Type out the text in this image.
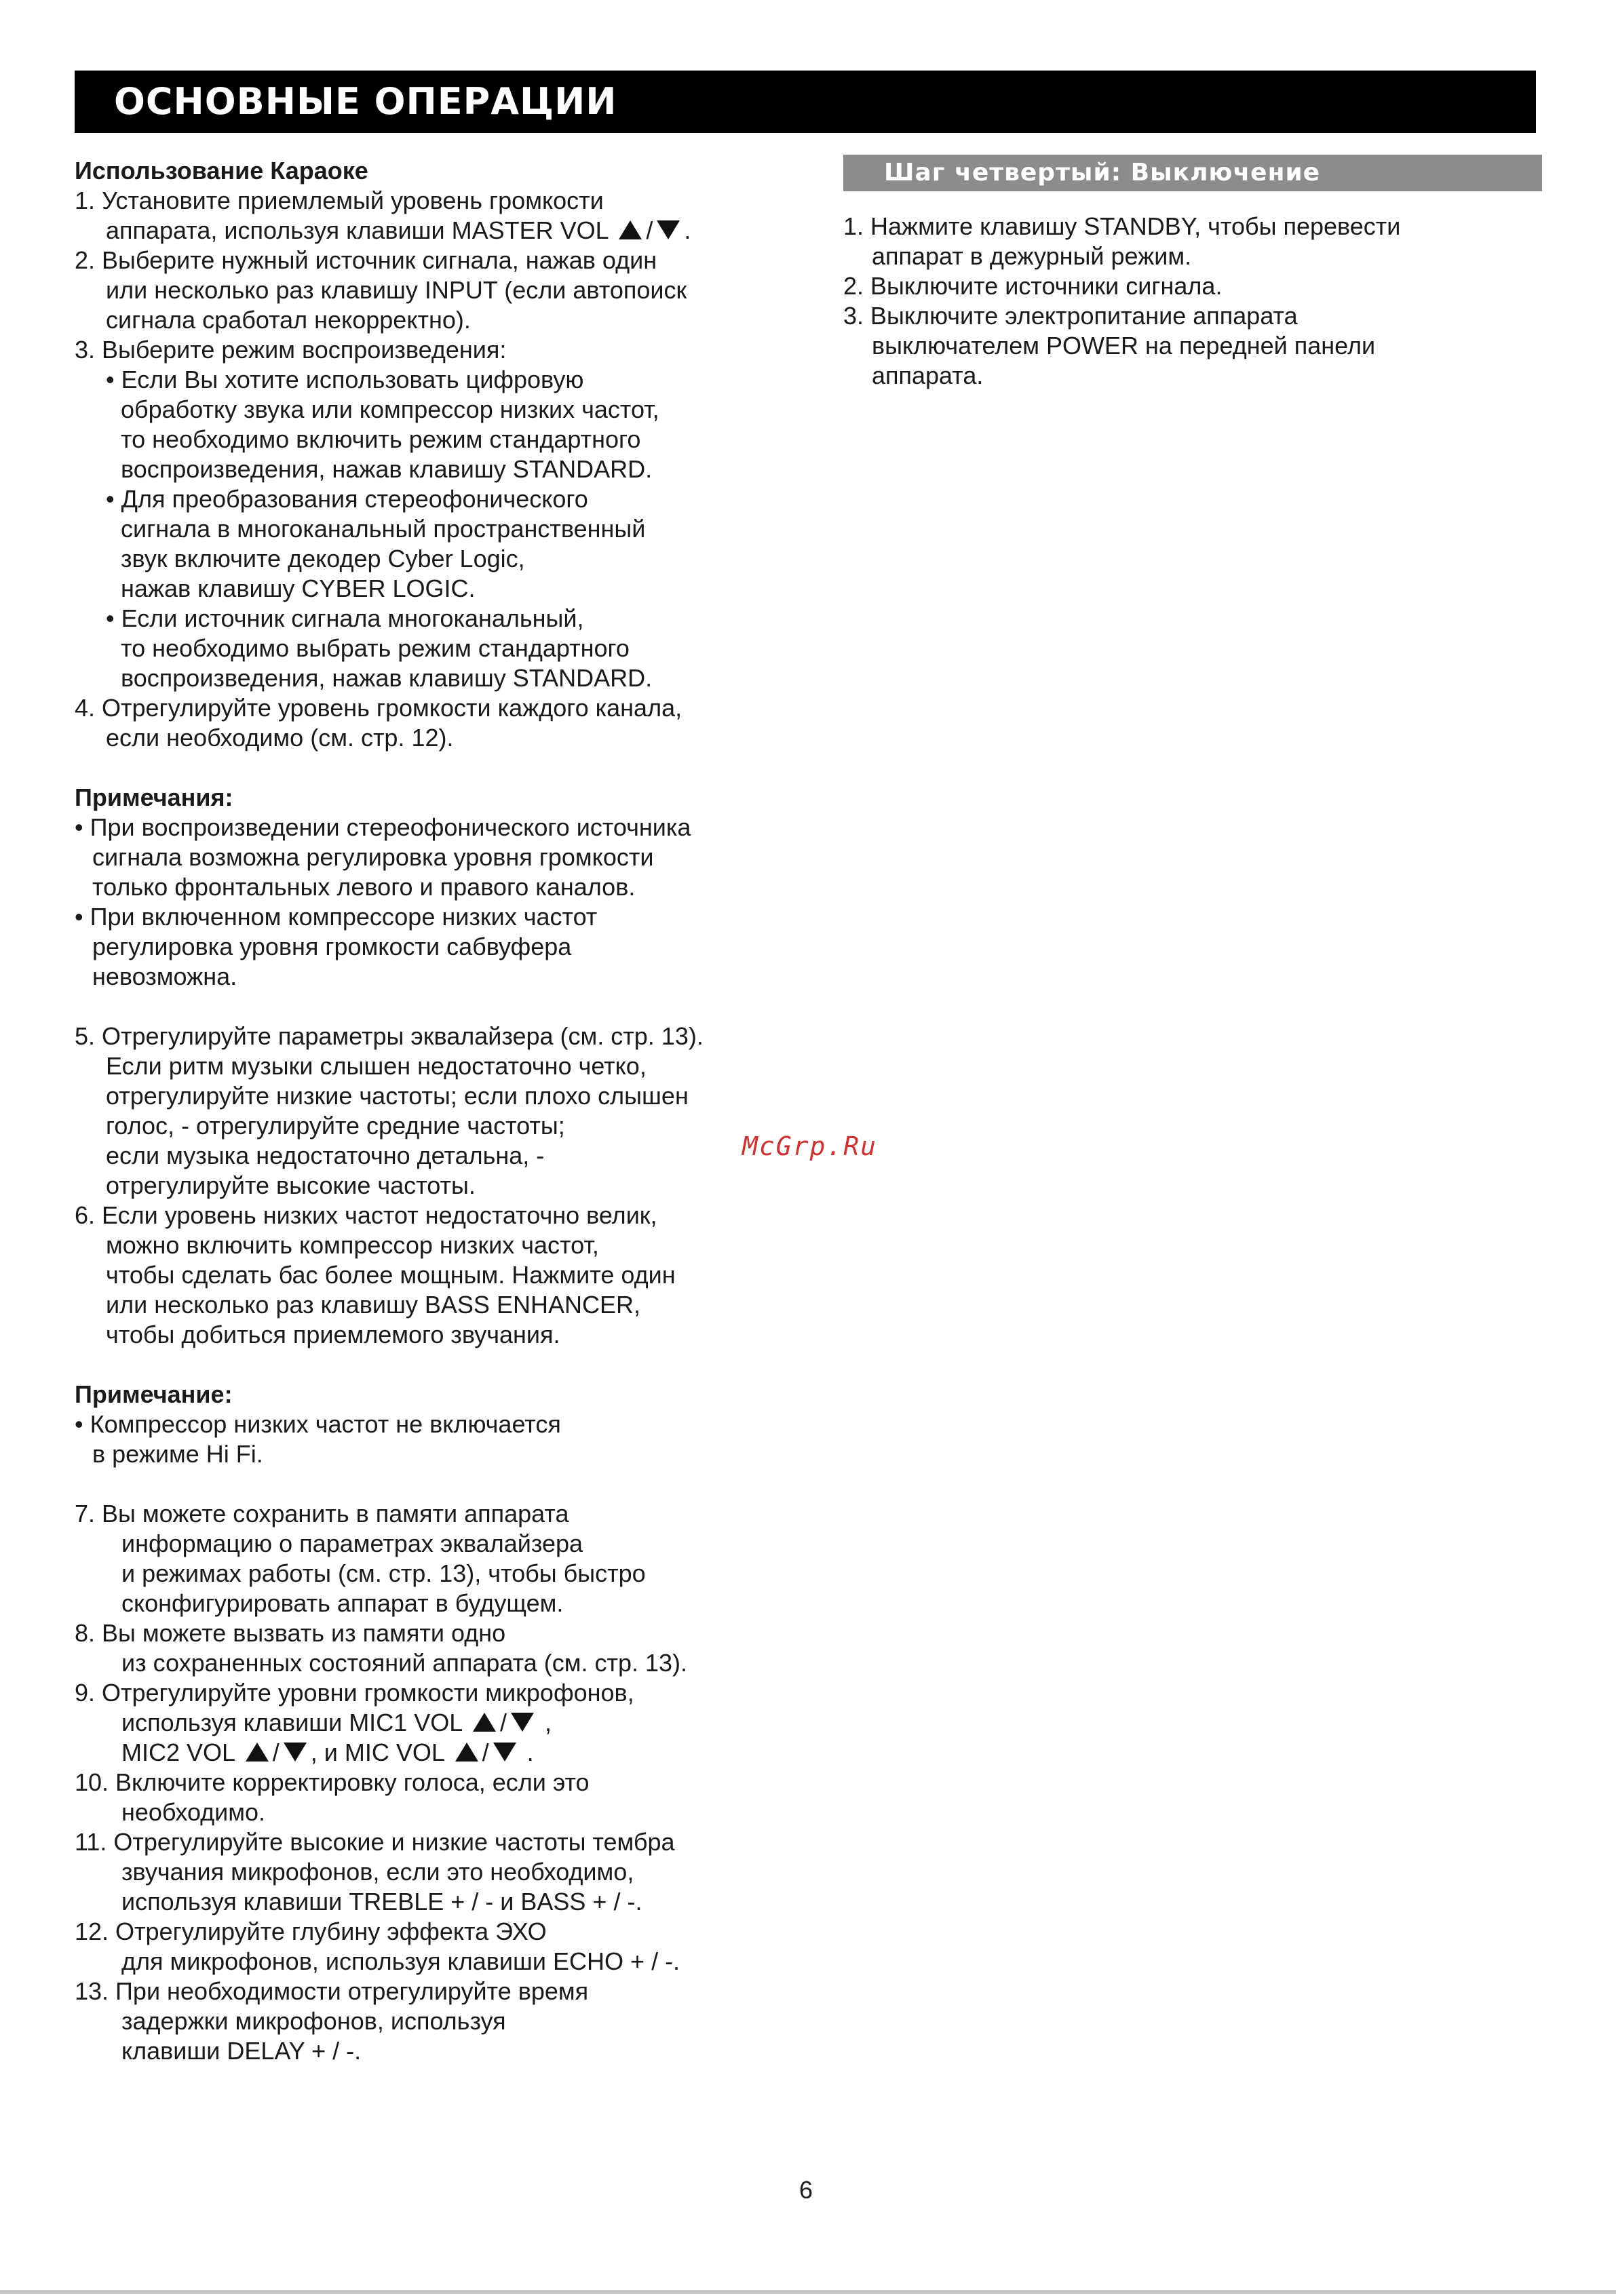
ОСНОВНЫЕ ОПЕРАЦИИ
Использование Караоке
1. Установите приемлемый уровень громкости
аппарата, используя клавиши MASTER VOL / .
2. Выберите нужный источник сигнала, нажав один
или несколько раз клавишу INPUT (если автопоиск
сигнала сработал некорректно).
3. Выберите режим воспроизведения:
• Если Вы хотите использовать цифровую
обработку звука или компрессор низких частот,
то необходимо включить режим стандартного
воспроизведения, нажав клавишу STANDARD.
• Для преобразования стереофонического
сигнала в многоканальный пространственный
звук включите декодер Cyber Logic,
нажав клавишу CYBER LOGIC.
• Если источник сигнала многоканальный,
то необходимо выбрать режим стандартного
воспроизведения, нажав клавишу STANDARD.
4. Отрегулируйте уровень громкости каждого канала,
если необходимо (см. стр. 12).
Примечания:
• При воспроизведении стереофонического источника
сигнала возможна регулировка уровня громкости
только фронтальных левого и правого каналов.
• При включенном компрессоре низких частот
регулировка уровня громкости сабвуфера
невозможна.
5. Отрегулируйте параметры эквалайзера (см. стр. 13).
Если ритм музыки слышен недостаточно четко,
отрегулируйте низкие частоты; если плохо слышен
голос, - отрегулируйте средние частоты;
если музыка недостаточно детальна, -
отрегулируйте высокие частоты.
6. Если уровень низких частот недостаточно велик,
можно включить компрессор низких частот,
чтобы сделать бас более мощным. Нажмите один
или несколько раз клавишу BASS ENHANCER,
чтобы добиться приемлемого звучания.
Примечание:
• Компрессор низких частот не включается
в режиме Hi Fi.
7. Вы можете сохранить в памяти аппарата
информацию о параметрах эквалайзера
и режимах работы (см. стр. 13), чтобы быстро
сконфигурировать аппарат в будущем.
8. Вы можете вызвать из памяти одно
из сохраненных состояний аппарата (см. стр. 13).
9. Отрегулируйте уровни громкости микрофонов,
используя клавиши MIC1 VOL / ,
MIC2 VOL / , и MIC VOL / .
10. Включите корректировку голоса, если это
необходимо.
11. Отрегулируйте высокие и низкие частоты тембра
звучания микрофонов, если это необходимо,
используя клавиши TREBLE + / - и BASS + / -.
12. Отрегулируйте глубину эффекта ЭХО
для микрофонов, используя клавиши ECHO + / -.
13. При необходимости отрегулируйте время
задержки микрофонов, используя
клавиши DELAY + / -.
Шаг четвертый: Выключение
1. Нажмите клавишу STANDBY, чтобы перевести
аппарат в дежурный режим.
2. Выключите источники сигнала.
3. Выключите электропитание аппарата
выключателем POWER на передней панели
аппарата.
McGrp.Ru
6
